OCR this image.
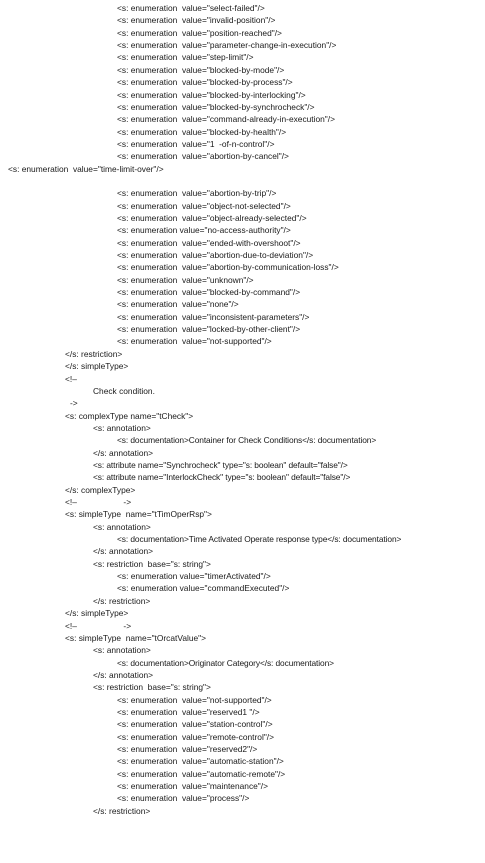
<s: enumeration  value="select-failed"/>
<s: enumeration  value="invalid-position"/>
<s: enumeration  value="position-reached"/>
<s: enumeration  value="parameter-change-in-execution"/>
<s: enumeration  value="step-limit"/>
<s: enumeration  value="blocked-by-mode"/>
<s: enumeration  value="blocked-by-process"/>
<s: enumeration  value="blocked-by-interlocking"/>
<s: enumeration  value="blocked-by-synchrocheck"/>
<s: enumeration  value="command-already-in-execution"/>
<s: enumeration  value="blocked-by-health"/>
<s: enumeration  value="1  -of-n-control"/>
<s: enumeration  value="abortion-by-cancel"/>
<s: enumeration  value="time-limit-over"/>
<s: enumeration  value="abortion-by-trip"/>
<s: enumeration  value="object-not-selected"/>
<s: enumeration  value="object-already-selected"/>
<s: enumeration value="no-access-authority"/>
<s: enumeration  value="ended-with-overshoot"/>
<s: enumeration  value="abortion-due-to-deviation"/>
<s: enumeration  value="abortion-by-communication-loss"/>
<s: enumeration  value="unknown"/>
<s: enumeration  value="blocked-by-command"/>
<s: enumeration  value="none"/>
<s: enumeration  value="inconsistent-parameters"/>
<s: enumeration  value="locked-by-other-client"/>
<s: enumeration  value="not-supported"/>
</s: restriction>
</s: simpleType>
<!–
Check condition.
->
<s: complexType name="tCheck">
<s: annotation>
<s: documentation>Container for Check Conditions</s: documentation>
</s: annotation>
<s: attribute name="Synchrocheck" type="s: boolean" default="false"/>
<s: attribute name="InterlockCheck" type="s: boolean" default="false"/>
</s: complexType>
<!–                    ->
<s: simpleType  name="tTimOperRsp">
<s: annotation>
<s: documentation>Time Activated Operate response type</s: documentation>
</s: annotation>
<s: restriction  base="s: string">
<s: enumeration value="timerActivated"/>
<s: enumeration value="commandExecuted"/>
</s: restriction>
</s: simpleType>
<!–                    ->
<s: simpleType  name="tOrcatValue">
<s: annotation>
<s: documentation>Originator Category</s: documentation>
</s: annotation>
<s: restriction  base="s: string">
<s: enumeration  value="not-supported"/>
<s: enumeration  value="reserved1 "/>
<s: enumeration  value="station-control"/>
<s: enumeration  value="remote-control"/>
<s: enumeration  value="reserved2"/>
<s: enumeration  value="automatic-station"/>
<s: enumeration  value="automatic-remote"/>
<s: enumeration  value="maintenance"/>
<s: enumeration  value="process"/>
</s: restriction>
